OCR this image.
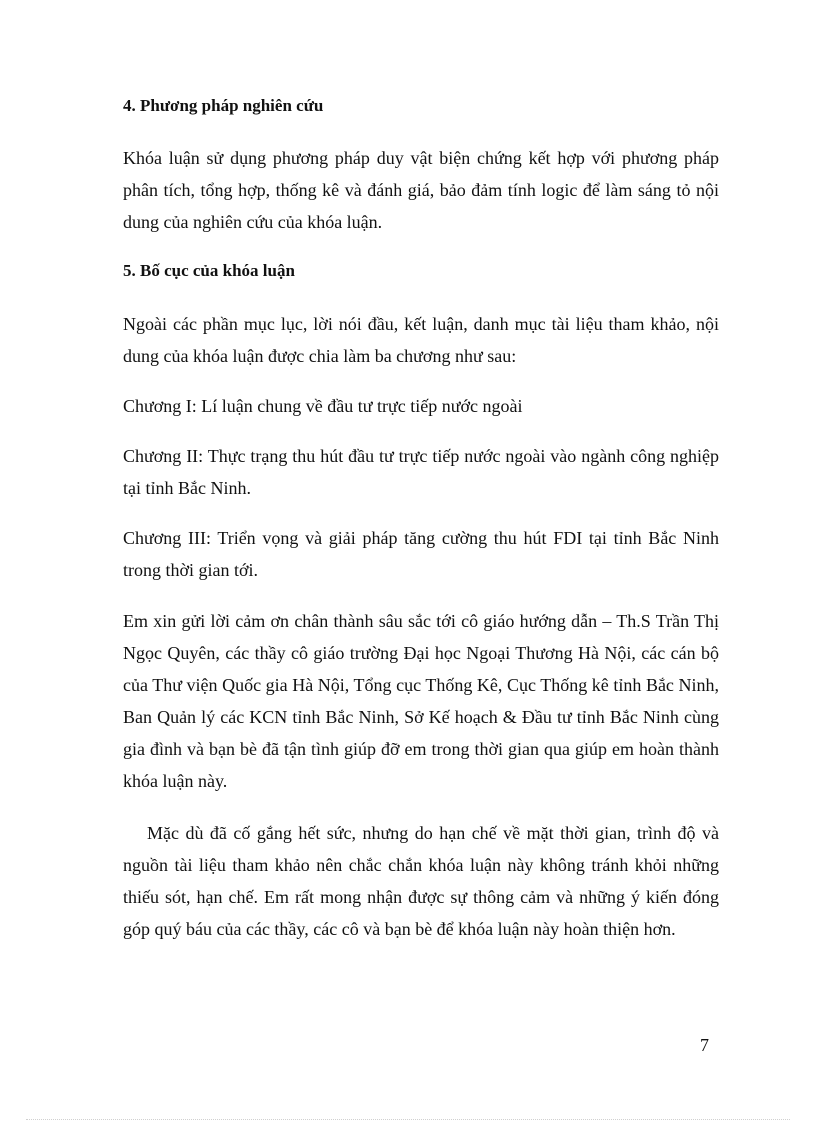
4. Phương pháp nghiên cứu

Khóa luận sử dụng phương pháp duy vật biện chứng kết hợp với phương pháp phân tích, tổng hợp, thống kê và đánh giá, bảo đảm tính logic để làm sáng tỏ nội dung của nghiên cứu của khóa luận.

5. Bố cục của khóa luận

Ngoài các phần mục lục, lời nói đầu, kết luận, danh mục tài liệu tham khảo, nội dung của khóa luận được chia làm ba chương như sau:

Chương I: Lí luận chung về đầu tư trực tiếp nước ngoài

Chương II: Thực trạng thu hút đầu tư trực tiếp nước ngoài vào ngành công nghiệp tại tỉnh Bắc Ninh.

Chương III: Triển vọng và giải pháp tăng cường thu hút FDI tại tỉnh Bắc Ninh trong thời gian tới.

Em xin gửi lời cảm ơn chân thành sâu sắc tới cô giáo hướng dẫn – Th.S Trần Thị Ngọc Quyên, các thầy cô giáo trường Đại học Ngoại Thương Hà Nội, các cán bộ của Thư viện Quốc gia Hà Nội, Tổng cục Thống Kê, Cục Thống kê tỉnh Bắc Ninh, Ban Quản lý các KCN tỉnh Bắc Ninh, Sở Kế hoạch & Đầu tư tỉnh Bắc Ninh cùng gia đình và bạn bè đã tận tình giúp đỡ em trong thời gian qua giúp em hoàn thành khóa luận này.

Mặc dù đã cố gắng hết sức, nhưng do hạn chế về mặt thời gian, trình độ và nguồn tài liệu tham khảo nên chắc chắn khóa luận này không tránh khỏi những thiếu sót, hạn chế. Em rất mong nhận được sự thông cảm và những ý kiến đóng góp quý báu của các thầy, các cô và bạn bè để khóa luận này hoàn thiện hơn.

7
